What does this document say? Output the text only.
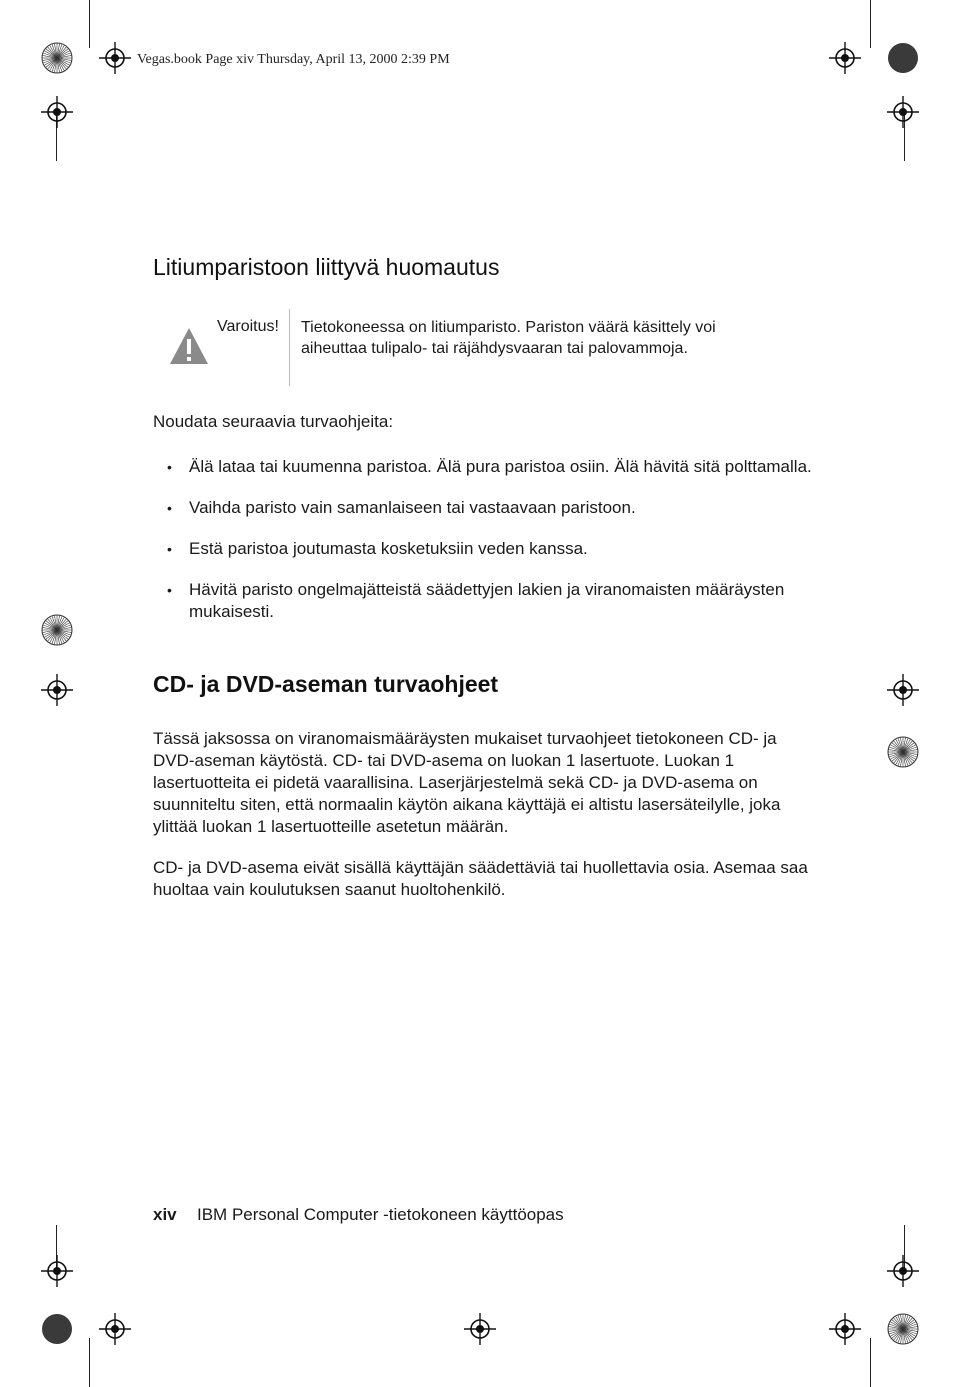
Vegas.book Page xiv Thursday, April 13, 2000 2:39 PM
Litiumparistoon liittyvä huomautus
Varoitus! Tietokoneessa on litiumparisto. Pariston väärä käsittely voi aiheuttaa tulipalo- tai räjähdysvaaran tai palovammoja.
Noudata seuraavia turvaohjeita:
• Älä lataa tai kuumenna paristoa. Älä pura paristoa osiin. Älä hävitä sitä polttamalla.
• Vaihda paristo vain samanlaiseen tai vastaavaan paristoon.
• Estä paristoa joutumasta kosketuksiin veden kanssa.
• Hävitä paristo ongelmajätteistä säädettyjen lakien ja viranomaisten määräysten mukaisesti.
CD- ja DVD-aseman turvaohjeet
Tässä jaksossa on viranomaismääräysten mukaiset turvaohjeet tietokoneen CD- ja DVD-aseman käytöstä. CD- tai DVD-asema on luokan 1 lasertuote. Luokan 1 lasertuotteita ei pidetä vaarallisina. Laserjärjestelmä sekä CD- ja DVD-asema on suunniteltu siten, että normaalin käytön aikana käyttäjä ei altistu lasersäteilylle, joka ylittää luokan 1 lasertuotteille asetetun määrän.
CD- ja DVD-asema eivät sisällä käyttäjän säädettäviä tai huollettavia osia. Asemaa saa huoltaa vain koulutuksen saanut huoltohenkilö.
xiv IBM Personal Computer -tietokoneen käyttöopas
